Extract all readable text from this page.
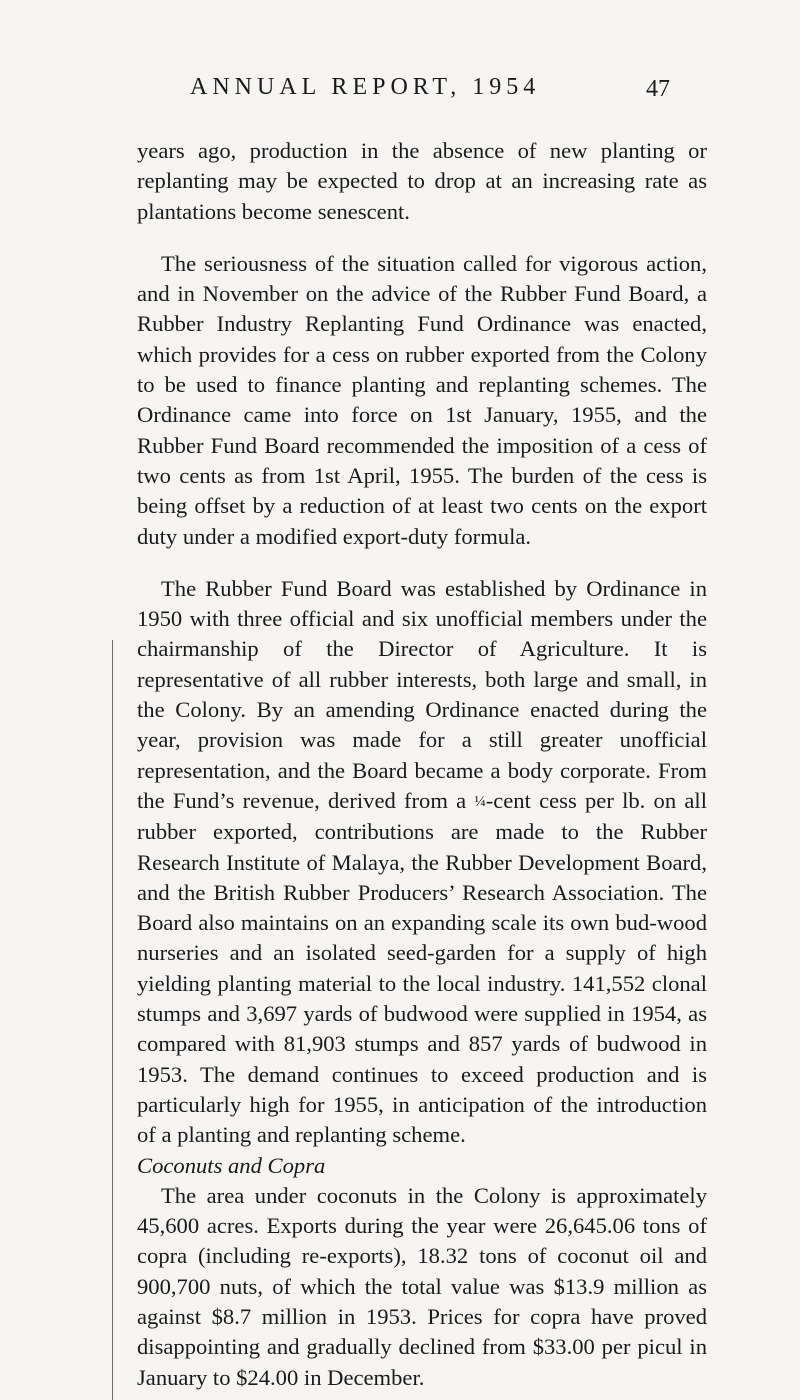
ANNUAL REPORT, 1954	47

years ago, production in the absence of new planting or replanting may be expected to drop at an increasing rate as plantations become senescent.

The seriousness of the situation called for vigorous action, and in November on the advice of the Rubber Fund Board, a Rubber Industry Replanting Fund Ordinance was enacted, which provides for a cess on rubber exported from the Colony to be used to finance planting and replanting schemes. The Ordinance came into force on 1st January, 1955, and the Rubber Fund Board recommended the imposition of a cess of two cents as from 1st April, 1955. The burden of the cess is being offset by a reduction of at least two cents on the export duty under a modified export-duty formula.

The Rubber Fund Board was established by Ordinance in 1950 with three official and six unofficial members under the chairmanship of the Director of Agriculture. It is representative of all rubber interests, both large and small, in the Colony. By an amending Ordinance enacted during the year, provision was made for a still greater unofficial representation, and the Board became a body corporate. From the Fund’s revenue, derived from a ¼-cent cess per lb. on all rubber exported, contributions are made to the Rubber Research Institute of Malaya, the Rubber Development Board, and the British Rubber Producers’ Research Association. The Board also maintains on an expanding scale its own bud-wood nurseries and an isolated seed-garden for a supply of high yielding planting material to the local industry. 141,552 clonal stumps and 3,697 yards of budwood were supplied in 1954, as compared with 81,903 stumps and 857 yards of budwood in 1953. The demand continues to exceed production and is particularly high for 1955, in anticipation of the introduction of a planting and replanting scheme.

Coconuts and Copra

The area under coconuts in the Colony is approximately 45,600 acres. Exports during the year were 26,645.06 tons of copra (including re-exports), 18.32 tons of coconut oil and 900,700 nuts, of which the total value was $13.9 million as against $8.7 million in 1953. Prices for copra have proved disappointing and gradually declined from $33.00 per picul in January to $24.00 in December.
